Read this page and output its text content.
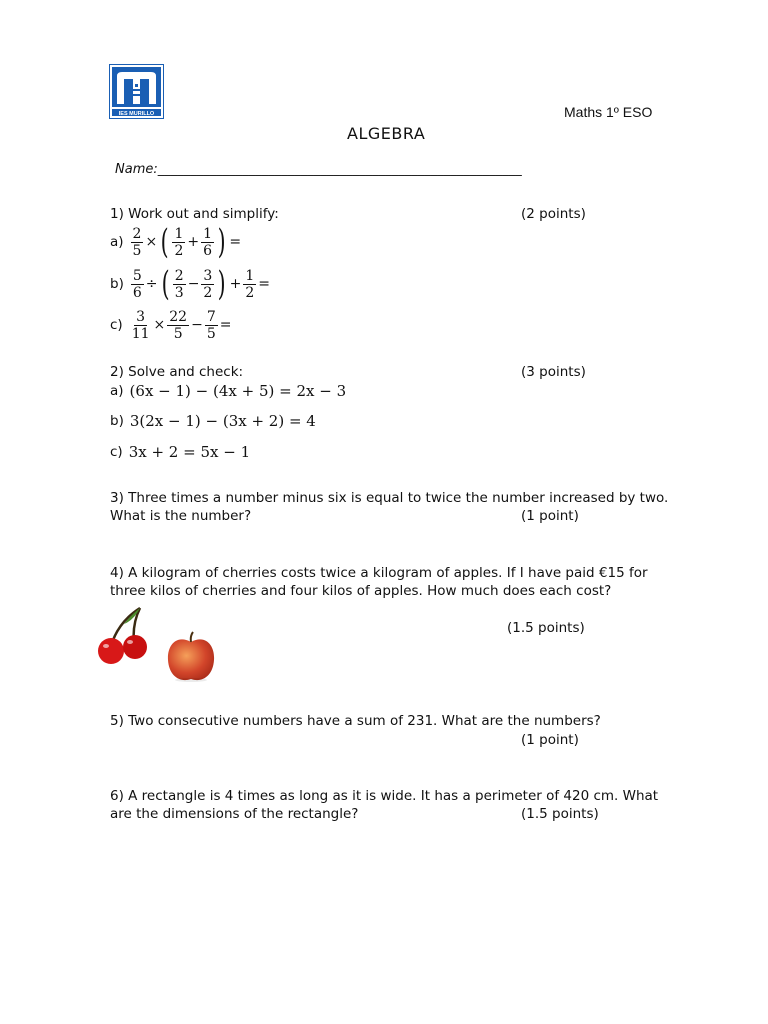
IES MURILLO	Maths 1º ESO
ALGEBRA
Name:________________________________________________________
1) Work out and simplify:	(2 points)
$a) \frac{2}{5}$ × ( $\frac{1}{2} + \frac{1}{6}$ ) =
$b) \frac{5}{6}$ ÷ ( $\frac{2}{3} - \frac{3}{2}$ ) + $\frac{1}{2}$ =
$c) \frac{3}{11} \times \frac{22}{5} - \frac{7}{5}$ =
2) Solve and check:	(3 points)
a) (6x − 1) − (4x + 5) = 2x − 3
b) 3(2x − 1) − (3x + 2) = 4
c) 3x + 2 = 5x − 1
3) Three times a number minus six is equal to twice the number increased by two.
What is the number?	(1 point)
4) A kilogram of cherries costs twice a kilogram of apples. If I have paid €15 for
three kilos of cherries and four kilos of apples. How much does each cost?
(1.5 points)
5) Two consecutive numbers have a sum of 231. What are the numbers?
(1 point)
6) A rectangle is 4 times as long as it is wide. It has a perimeter of 420 cm. What
are the dimensions of the rectangle?	(1.5 points)
